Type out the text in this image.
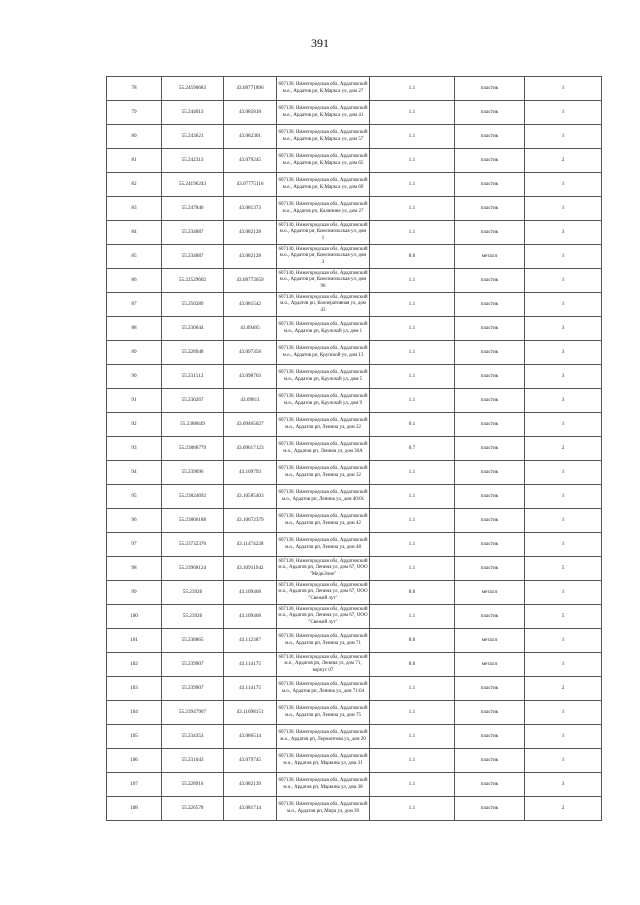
391
78	55.24590683	43.08771896	607130, Нижегородская обл, Ардатовский м.о., Ардатов рп, К.Маркса ул, дом 27	1.1	пластик	1
79	55.244013	43.085818	607130, Нижегородская обл, Ардатовский м.о., Ардатов рп, К.Маркса ул, дом 41	1.1	пластик	1
80	55.243621	43.082301	607130, Нижегородская обл, Ардатовский м.о., Ардатов рп, К.Маркса ул, дом 57	1.1	пластик	1
81	55.242313	43.079245	607130, Нижегородская обл, Ардатовский м.о., Ардатов рп, К.Маркса ул, дом 65	1.1	пластик	2
82	55.24196243	43.07775116	607130, Нижегородская обл, Ардатовский м.о., Ардатов рп, К.Маркса ул, дом 69	1.1	пластик	1
83	55.247846	43.081373	607130, Нижегородская обл, Ардатовский м.о., Ардатов рп, Калинина ул, дом 27	1.1	пластик	1
84	55.234887	43.082128	607130, Нижегородская обл, Ардатовский м.о., Ардатов рп, Комсомольская ул, дом 1	1.1	пластик	3
85	55.234887	43.082128	607130, Нижегородская обл, Ардатовский м.о., Ардатов рп, Комсомольская ул, дом 3	8.0	металл	1
86	55.22529602	43.08772659	607130, Нижегородская обл, Ардатовский м.о., Ардатов рп, Комсомольская ул, дом 96	1.1	пластик	1
87	55.250289	43.081542	607130, Нижегородская обл, Ардатовский м.о., Ардатов рп, Кооперативная ул, дом 43	1.1	пластик	1
88	55.230644	43.09405	607130, Нижегородская обл, Ардатовский м.о., Ардатов рп, Крупской ул, дом 1	1.1	пластик	3
89	55.228948	43.097358	607130, Нижегородская обл, Ардатовский м.о., Ардатов рп, Крупской ул, дом 13	1.1	пластик	3
90	55.231512	43.098703	607130, Нижегородская обл, Ардатовский м.о., Ардатов рп, Крупской ул, дом 5	1.1	пластик	3
91	55.230267	43.09811	607130, Нижегородская обл, Ардатовский м.о., Ардатов рп, Крупской ул, дом 9	1.1	пластик	3
92	55.2388649	43.09465027	607130, Нижегородская обл, Ардатовский м.о., Ардатов рп, Ленина ул, дом 22	0.1	пластик	1
93	55.23888779	43.09617123	607130, Нижегородская обл, Ардатовский м.о., Ардатов рп, Ленина ул, дом 30А	0.7	пластик	2
94	55.239096	43.109793	607130, Нижегородская обл, Ардатовский м.о., Ардатов рп, Ленина ул, дом 32	1.1	пластик	1
95	55.23824692	43.10585403	607130, Нижегородская обл, Ардатовский м.о., Ардатов рп, Ленина ул, дом 40/01	1.1	пластик	1
96	55.23860188	43.10672379	607130, Нижегородская обл, Ардатовский м.о., Ардатов рп, Ленина ул, дом 42	1.1	пластик	1
97	55.23732376	43.11474228	607130, Нижегородская обл, Ардатовский м.о., Ардатов рп, Ленина ул, дом 48	1.1	пластик	1
98	55.23968124	43.10911942	607130, Нижегородская обл, Ардатовский м.о., Ардатов рп, Ленина ул, дом 67, ООО "МедиЭлне"	1.1	пластик	5
99	55.23926	43.109468	607130, Нижегородская обл, Ардатовский м.о., Ардатов рп, Ленина ул, дом 67, ООО "Свежий лут"	8.0	металл	1
100	55.23926	43.109468	607130, Нижегородская обл, Ардатовский м.о., Ардатов рп, Ленина ул, дом 67, ООО "Свежий лут"	1.1	пластик	5
101	55.238865	43.112387	607130, Нижегородская обл, Ардатовский м.о., Ардатов рп, Ленина ул, дом 71	8.0	металл	1
102	55.239907	43.114175	607130, Нижегородская обл, Ардатовский м.о., Ардатов рп, Ленина ул, дом 71, корпус 07	8.0	металл	1
103	55.239907	43.114175	607130, Нижегородская обл, Ардатовский м.о., Ардатов рп, Ленина ул, дом 71/04	1.1	пластик	2
104	55.23947907	43.11698151	607130, Нижегородская обл, Ардатовский м.о., Ардатов рп, Ленина ул, дом 75	1.1	пластик	1
105	55.234353	43.086514	607130, Нижегородская обл, Ардатовский м.о., Ардатов рп, Лермонтова ул, дом 20	1.1	пластик	1
106	55.231043	43.079745	607130, Нижегородская обл, Ардатовский м.о., Ардатов рп, Маркина ул, дом 31	1.1	пластик	1
107	55.228916	43.082139	607130, Нижегородская обл, Ардатовский м.о., Ардатов рп, Маркина ул, дом 38	1.1	пластик	3
108	55.226578	43.081714	607130, Нижегородская обл, Ардатовский м.о., Ардатов рп, Мира ул, дом 39	1.1	пластик	2
